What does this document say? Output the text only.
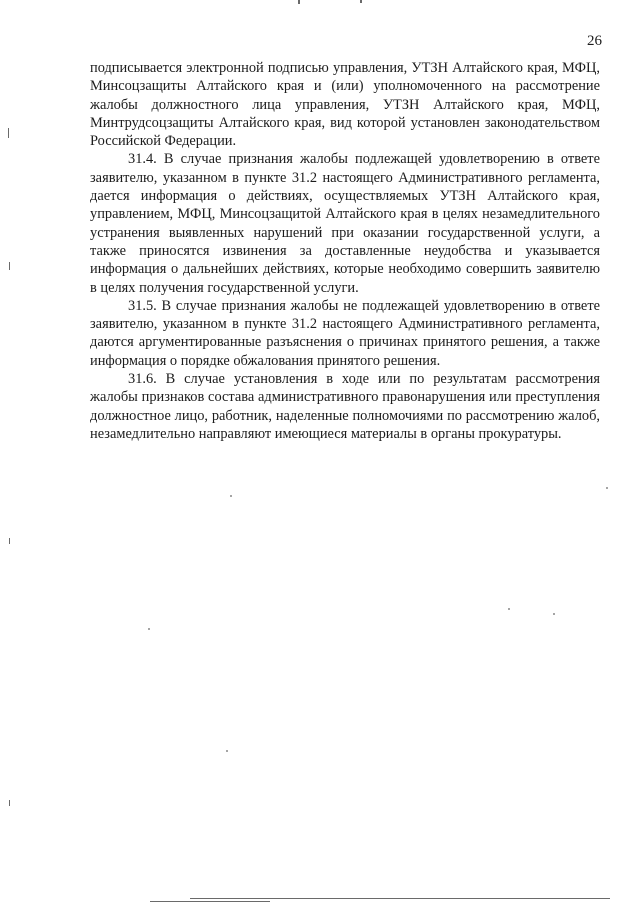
26

подписывается электронной подписью управления, УТЗН Алтайского края, МФЦ, Минсоцзащиты Алтайского края и (или) уполномоченного на рассмотрение жалобы должностного лица управления, УТЗН Алтайского края, МФЦ, Минтрудсоцзащиты Алтайского края, вид которой установлен законодательством Российской Федерации.

31.4. В случае признания жалобы подлежащей удовлетворению в ответе заявителю, указанном в пункте 31.2 настоящего Административного регламента, дается информация о действиях, осуществляемых УТЗН Алтайского края, управлением, МФЦ, Минсоцзащитой Алтайского края в целях незамедлительного устранения выявленных нарушений при оказании государственной услуги, а также приносятся извинения за доставленные неудобства и указывается информация о дальнейших действиях, которые необходимо совершить заявителю в целях получения государственной услуги.

31.5. В случае признания жалобы не подлежащей удовлетворению в ответе заявителю, указанном в пункте 31.2 настоящего Административного регламента, даются аргументированные разъяснения о причинах принятого решения, а также информация о порядке обжалования принятого решения.

31.6. В случае установления в ходе или по результатам рассмотрения жалобы признаков состава административного правонарушения или преступления должностное лицо, работник, наделенные полномочиями по рассмотрению жалоб, незамедлительно направляют имеющиеся материалы в органы прокуратуры.
